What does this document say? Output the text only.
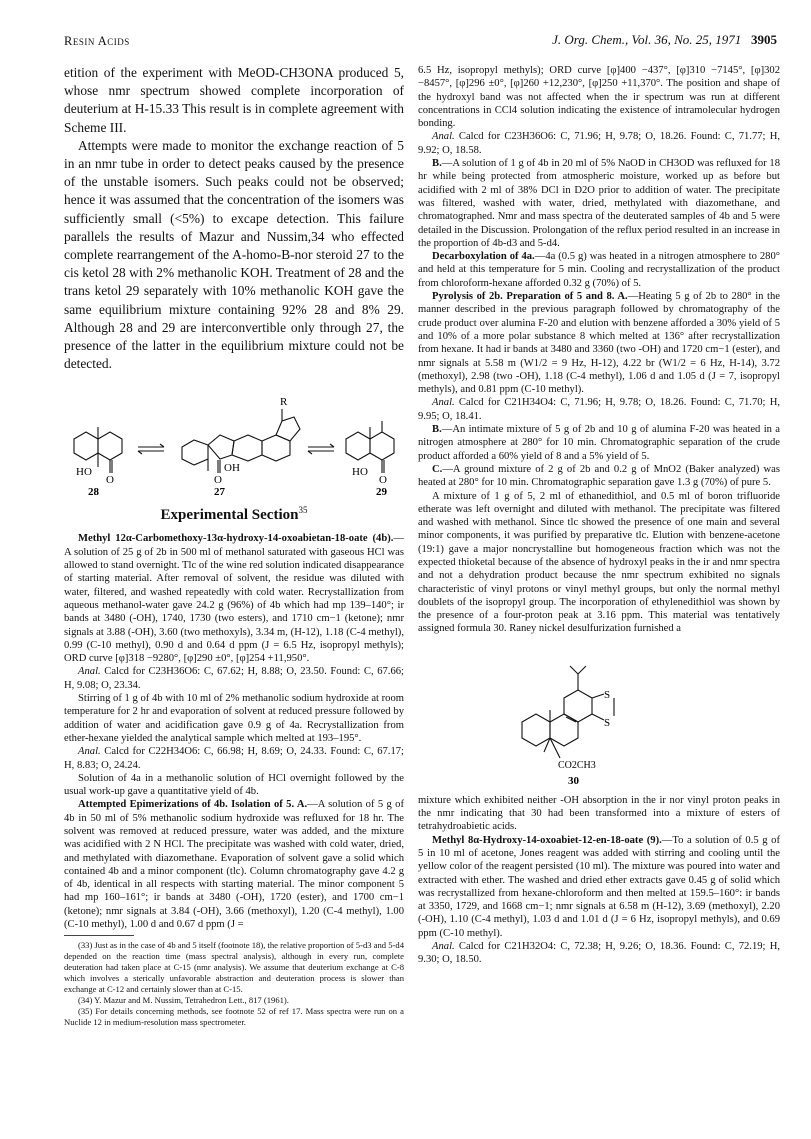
Resin Acids	J. Org. Chem., Vol. 36, No. 25, 1971 3905

etition of the experiment with MeOD-CH3ONA produced 5, whose nmr spectrum showed complete incorporation of deuterium at H-15.33 This result is in complete agreement with Scheme III.

Attempts were made to monitor the exchange reaction of 5 in an nmr tube in order to detect peaks caused by the presence of the unstable isomers. Such peaks could not be observed; hence it was assumed that the concentration of the isomers was sufficiently small (<5%) to excape detection. This failure parallels the results of Mazur and Nussim,34 who effected complete rearrangement of the A-homo-B-nor steroid 27 to the cis ketol 28 with 2% methanolic KOH. Treatment of 28 and the trans ketol 29 separately with 10% methanolic KOH gave the same equilibrium mixture containing 92% 28 and 8% 29. Although 28 and 29 are interconvertible only through 27, the presence of the latter in the equilibrium mixture could not be detected.

R
HO
O
28
O
OH
27
HO
O
29
Experimental Section$^{35}$

Methyl 12α-Carbomethoxy-13α-hydroxy-14-oxoabietan-18-oate (4b).—A solution of 25 g of 2b in 500 ml of methanol saturated with gaseous HCl was allowed to stand overnight. Tlc of the wine red solution indicated disappearance of starting material. After removal of solvent, the residue was diluted with water, filtered, and washed repeatedly with cold water. Recrystallization from aqueous methanol-water gave 24.2 g (96%) of 4b which had mp 139–140°; ir bands at 3480 (-OH), 1740, 1730 (two esters), and 1710 cm−1 (ketone); nmr signals at 3.88 (-OH), 3.60 (two methoxyls), 3.34 m, (H-12), 1.18 (C-4 methyl), 0.99 (C-10 methyl), 0.90 d and 0.64 d ppm (J = 6.5 Hz, isopropyl methyls); ORD curve [φ]318 −9280°, [φ]290 ±0°, [φ]254 +11,950°.

Anal. Calcd for C23H36O6: C, 67.62; H, 8.88; O, 23.50. Found: C, 67.66; H, 9.08; O, 23.34.

Stirring of 1 g of 4b with 10 ml of 2% methanolic sodium hydroxide at room temperature for 2 hr and evaporation of solvent at reduced pressure followed by addition of water and acidification gave 0.9 g of 4a. Recrystallization from ether-hexane yielded the analytical sample which melted at 193–195°.

Anal. Calcd for C22H34O6: C, 66.98; H, 8.69; O, 24.33. Found: C, 67.17; H, 8.83; O, 24.24.

Solution of 4a in a methanolic solution of HCl overnight followed by the usual work-up gave a quantitative yield of 4b.

Attempted Epimerizations of 4b. Isolation of 5. A.—A solution of 5 g of 4b in 50 ml of 5% methanolic sodium hydroxide was refluxed for 18 hr. The solvent was removed at reduced pressure, water was added, and the mixture was acidified with 2 N HCl. The precipitate was washed with cold water, dried, and methylated with diazomethane. Evaporation of solvent gave a solid which contained 4b and a minor component (tlc). Column chromatography gave 4.2 g of 4b, identical in all respects with starting material. The minor component 5 had mp 160–161°; ir bands at 3480 (-OH), 1720 (ester), and 1700 cm−1 (ketone); nmr signals at 3.84 (-OH), 3.66 (methoxyl), 1.20 (C-4 methyl), 1.00 (C-10 methyl), 1.00 d and 0.67 d ppm (J =

(33) Just as in the case of 4b and 5 itself (footnote 18), the relative proportion of 5-d3 and 5-d4 depended on the reaction time (mass spectral analysis), although in every run, complete deuteration had taken place at C-15 (nmr analysis). We assume that deuterium exchange at C-8 which involves a sterically unfavorable abstraction and deuteration process is slower than exchange at C-12 and certainly slower than at C-15.

(34) Y. Mazur and M. Nussim, Tetrahedron Lett., 817 (1961).

(35) For details concerning methods, see footnote 52 of ref 17. Mass spectra were run on a Nuclide 12 in medium-resolution mass spectrometer.

6.5 Hz, isopropyl methyls); ORD curve [φ]400 −437°, [φ]310 −7145°, [φ]302 −8457°, [φ]296 ±0°, [φ]260 +12,230°, [φ]250 +11,370°. The position and shape of the hydroxyl band was not affected when the ir spectrum was run at different concentrations in CCl4 solution indicating the existence of intramolecular hydrogen bonding.

Anal. Calcd for C23H36O6: C, 71.96; H, 9.78; O, 18.26. Found: C, 71.77; H, 9.92; O, 18.58.

B.—A solution of 1 g of 4b in 20 ml of 5% NaOD in CH3OD was refluxed for 18 hr while being protected from atmospheric moisture, worked up as before but acidified with 2 ml of 38% DCl in D2O prior to addition of water. The precipitate was filtered, washed with water, dried, methylated with diazomethane, and chromatographed. Nmr and mass spectra of the deuterated samples of 4b and 5 were detailed in the Discussion. Prolongation of the reflux period resulted in an increase in the proportion of 4b-d3 and 5-d4.

Decarboxylation of 4a.—4a (0.5 g) was heated in a nitrogen atmosphere to 280° and held at this temperature for 5 min. Cooling and recrystallization of the product from chloroform-hexane afforded 0.32 g (70%) of 5.

Pyrolysis of 2b. Preparation of 5 and 8. A.—Heating 5 g of 2b to 280° in the manner described in the previous paragraph followed by chromatography of the crude product over alumina F-20 and elution with benzene afforded a 30% yield of 5 and 10% of a more polar substance 8 which melted at 136° after recrystallization from hexane. It had ir bands at 3480 and 3360 (two -OH) and 1720 cm−1 (ester), and nmr signals at 5.58 m (W1/2 = 9 Hz, H-12), 4.22 br (W1/2 = 6 Hz, H-14), 3.72 (methoxyl), 2.98 (two -OH), 1.18 (C-4 methyl), 1.06 d and 1.05 d (J = 7, isopropyl methyls), and 0.81 ppm (C-10 methyl).

Anal. Calcd for C21H34O4: C, 71.96; H, 9.78; O, 18.26. Found: C, 71.70; H, 9.95; O, 18.41.

B.—An intimate mixture of 5 g of 2b and 10 g of alumina F-20 was heated in a nitrogen atmosphere at 280° for 10 min. Chromatographic separation of the crude product afforded a 60% yield of 8 and a 5% yield of 5.

C.—A ground mixture of 2 g of 2b and 0.2 g of MnO2 (Baker analyzed) was heated at 280° for 10 min. Chromatographic separation gave 1.3 g (70%) of pure 5.

A mixture of 1 g of 5, 2 ml of ethanedithiol, and 0.5 ml of boron trifluoride etherate was left overnight and diluted with methanol. The precipitate was filtered and washed with methanol. Since tlc showed the presence of one main and several minor components, it was purified by preparative tlc. Elution with benzene-acetone (19:1) gave a major noncrystalline but homogeneous fraction which was not the expected thioketal because of the absence of hydroxyl peaks in the ir and nmr spectra and not a dehydration product because the nmr spectrum exhibited no signals characteristic of vinyl protons or vinyl methyl groups, but only the normal methyl doublets of the isopropyl group. The incorporation of ethylenedithiol was shown by the presence of a four-proton peak at 3.16 ppm. This material was tentatively assigned formula 30. Raney nickel desulfurization furnished a

S
S
CO2CH3
30

mixture which exhibited neither -OH absorption in the ir nor vinyl proton peaks in the nmr indicating that 30 had been transformed into a mixture of esters of tetrahydroabietic acids.

Methyl 8α-Hydroxy-14-oxoabiet-12-en-18-oate (9).—To a solution of 0.5 g of 5 in 10 ml of acetone, Jones reagent was added with stirring and cooling until the yellow color of the reagent persisted (10 ml). The mixture was poured into water and extracted with ether. The washed and dried ether extracts gave 0.45 g of solid which was recrystallized from hexane-chloroform and then melted at 159.5–160°: ir bands at 3350, 1729, and 1668 cm−1; nmr signals at 6.58 m (H-12), 3.69 (methoxyl), 2.20 (-OH), 1.10 (C-4 methyl), 1.03 d and 1.01 d (J = 6 Hz, isopropyl methyls), and 0.69 ppm (C-10 methyl).

Anal. Calcd for C21H32O4: C, 72.38; H, 9.26; O, 18.36. Found: C, 72.19; H, 9.30; O, 18.50.
